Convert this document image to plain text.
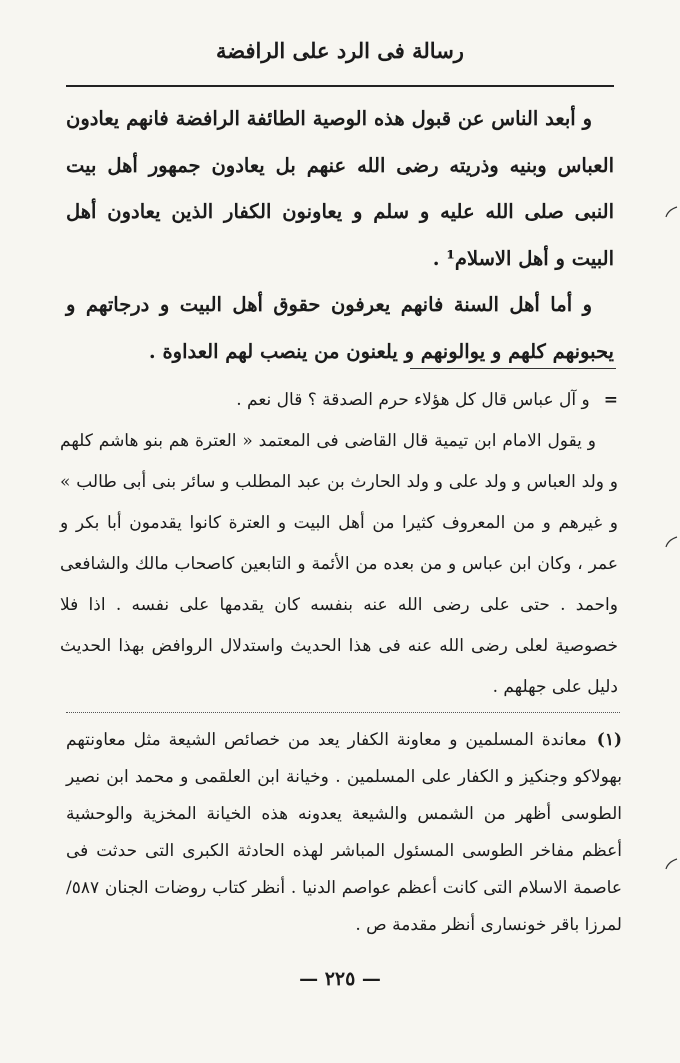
رسالة فى الرد على الرافضة

و أبعد الناس عن قبول هذه الوصية الطائفة الرافضة فانهم يعادون العباس وبنيه وذريته رضى الله عنهم بل يعادون جمهور أهل بيت النبى صلى الله عليه و سلم و يعاونون الكفار الذين يعادون أهل البيت و أهل الاسلام¹ .

و أما أهل السنة فانهم يعرفون حقوق أهل البيت و درجاتهم و يحبونهم كلهم و يوالونهم و يلعنون من ينصب لهم العداوة .

=و آل عباس قال كل هؤلاء حرم الصدقة ؟ قال نعم .

و يقول الامام ابن تيمية قال القاضى فى المعتمد « العترة هم بنو هاشم كلهم و ولد العباس و ولد على و ولد الحارث بن عبد المطلب و سائر بنى أبى طالب » و غيرهم و من المعروف كثيرا من أهل البيت و العترة كانوا يقدمون أبا بكر و عمر ، وكان ابن عباس و من بعده من الأئمة و التابعين كاصحاب مالك والشافعى واحمد . حتى على رضى الله عنه بنفسه كان يقدمها على نفسه . اذا فلا خصوصية لعلى رضى الله عنه فى هذا الحديث واستدلال الروافض بهذا الحديث دليل على جهلهم .

(١)معاندة المسلمين و معاونة الكفار يعد من خصائص الشيعة مثل معاونتهم بهولاكو وجنكيز و الكفار على المسلمين . وخيانة ابن العلقمى و محمد ابن نصير الطوسى أظهر من الشمس والشيعة يعدونه هذه الخيانة المخزية والوحشية أعظم مفاخر الطوسى المسئول المباشر لهذه الحادثة الكبرى التى حدثت فى عاصمة الاسلام التى كانت أعظم عواصم الدنيا . أنظر كتاب روضات الجنان ٥٨٧/ لمرزا باقر خونسارى أنظر مقدمة ص .

— ٢٢٥ —
